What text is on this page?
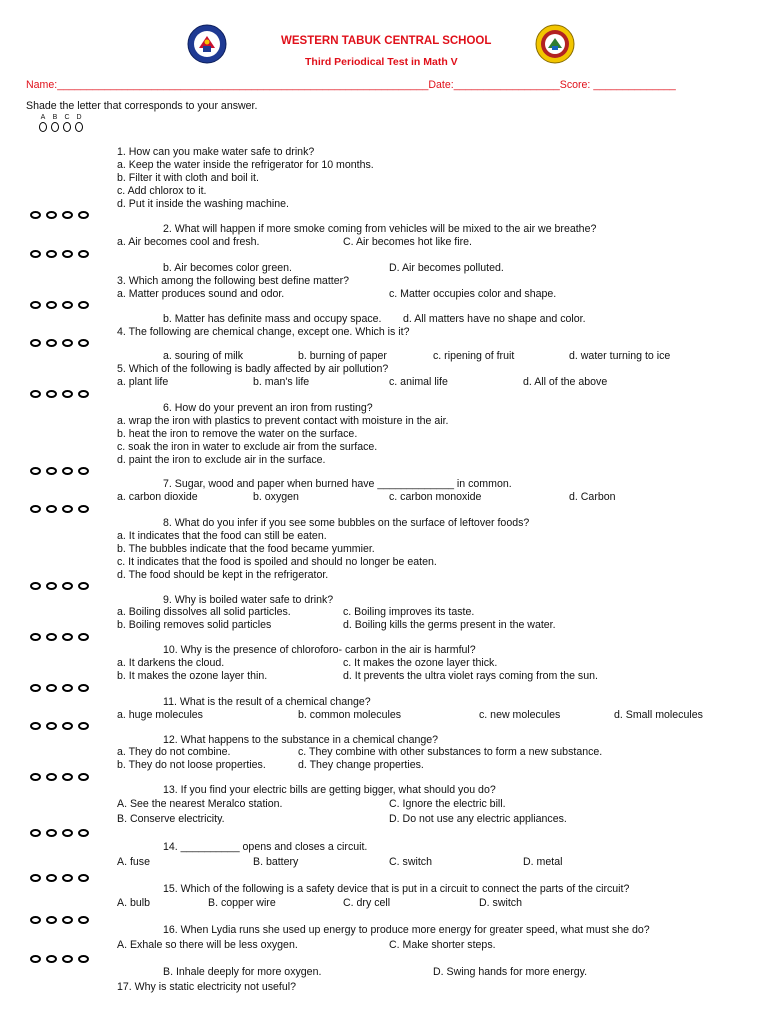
WESTERN TABUK CENTRAL SCHOOL
Third Periodical Test in Math V
Name:_______________________________________________________________Date:__________________Score: ______________
Shade the letter that corresponds to your answer.
A B C D
1. How can you make water safe to drink?
a. Keep the water inside the refrigerator for 10 months.
b. Filter it with cloth and boil it.
c. Add chlorox to it.
d. Put it inside the washing machine.
2. What will happen if more smoke coming from vehicles will be mixed to the air we breathe?
a. Air becomes cool and fresh.	C. Air becomes hot like fire.
b. Air becomes color green.	D. Air becomes polluted.
3. Which among the following best define matter?
a. Matter produces sound and odor.	c. Matter occupies color and shape.
b. Matter has definite mass and occupy space. d. All matters have no shape and color.
4. The following are chemical change, except one. Which is it?
a. souring of milk	b. burning of paper	c. ripening of fruit	d. water turning to ice
5. Which of the following is badly affected by air pollution?
a. plant life	b. man's life	c. animal life	d. All of the above
6. How do your prevent an iron from rusting?
a. wrap the iron with plastics to prevent contact with moisture in the air.
b. heat the iron to remove the water on the surface.
c. soak the iron in water to exclude air from the surface.
d. paint the iron to exclude air in the surface.
7. Sugar, wood and paper when burned have _____________ in common.
a. carbon dioxide	b. oxygen	c. carbon monoxide	d. Carbon
8. What do you infer if you see some bubbles on the surface of leftover foods?
a. It indicates that the food can still be eaten.
b. The bubbles indicate that the food became yummier.
c. It indicates that the food is spoiled and should no longer be eaten.
d. The food should be kept in the refrigerator.
9. Why is boiled water safe to drink?
a. Boiling dissolves all solid particles.	c. Boiling improves its taste.
b. Boiling removes solid particles	d. Boiling kills the germs present in the water.
10. Why is the presence of chloroforo- carbon in the air is harmful?
a. It darkens the cloud.	c. It makes the ozone layer thick.
b. It makes the ozone layer thin.	d. It prevents the ultra violet rays coming from the sun.
11. What is the result of a chemical change?
a. huge molecules	b. common molecules	c. new molecules	d. Small molecules
12. What happens to the substance in a chemical change?
a. They do not combine.	c. They combine with other substances to form a new substance.
b. They do not loose properties.	d. They change properties.
13. If you find your electric bills are getting bigger, what should you do?
A. See the nearest Meralco station.	C. Ignore the electric bill.
B. Conserve electricity.	D. Do not use any electric appliances.
14. __________ opens and closes a circuit.
A. fuse	B. battery	C. switch	D. metal
15. Which of the following is a safety device that is put in a circuit to connect the parts of the circuit?
A. bulb	B. copper wire	C. dry cell	D. switch
16. When Lydia runs she used up energy to produce more energy for greater speed, what must she do?
A. Exhale so there will be less oxygen.	C. Make shorter steps.
B. Inhale deeply for more oxygen.	D. Swing hands for more energy.
17. Why is static electricity not useful?
